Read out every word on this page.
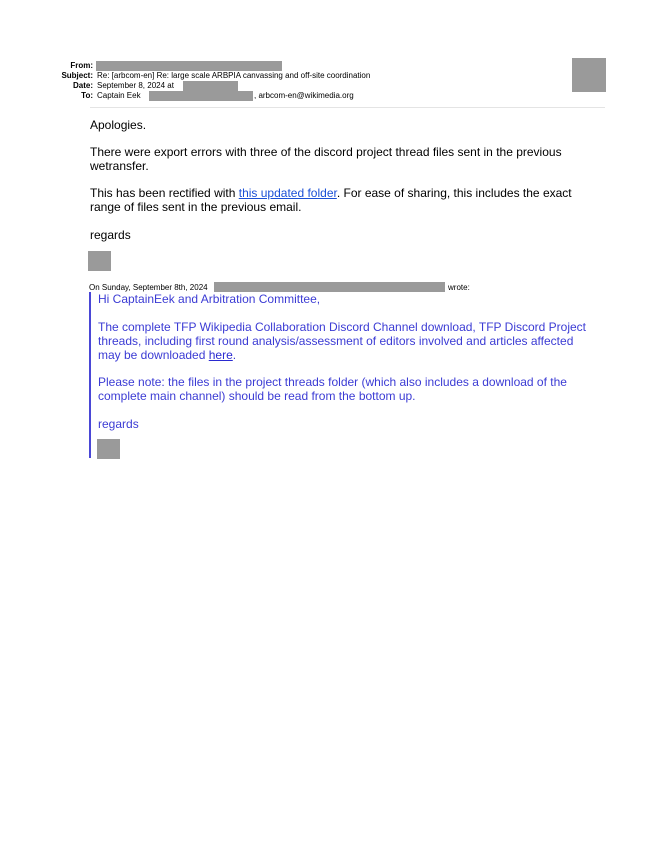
From:
Subject: Re: [arbcom-en] Re: large scale ARBPIA canvassing and off-site coordination
Date: September 8, 2024 at
To: Captain Eek	, arbcom-en@wikimedia.org
Apologies.
There were export errors with three of the discord project thread files sent in the previous wetransfer.
This has been rectified with this updated folder. For ease of sharing, this includes the exact range of files sent in the previous email.
regards
On Sunday, September 8th, 2024	wrote:
Hi CaptainEek and Arbitration Committee,
The complete TFP Wikipedia Collaboration Discord Channel download, TFP Discord Project threads, including first round analysis/assessment of editors involved and articles affected may be downloaded here.
Please note: the files in the project threads folder (which also includes a download of the complete main channel) should be read from the bottom up.
regards
